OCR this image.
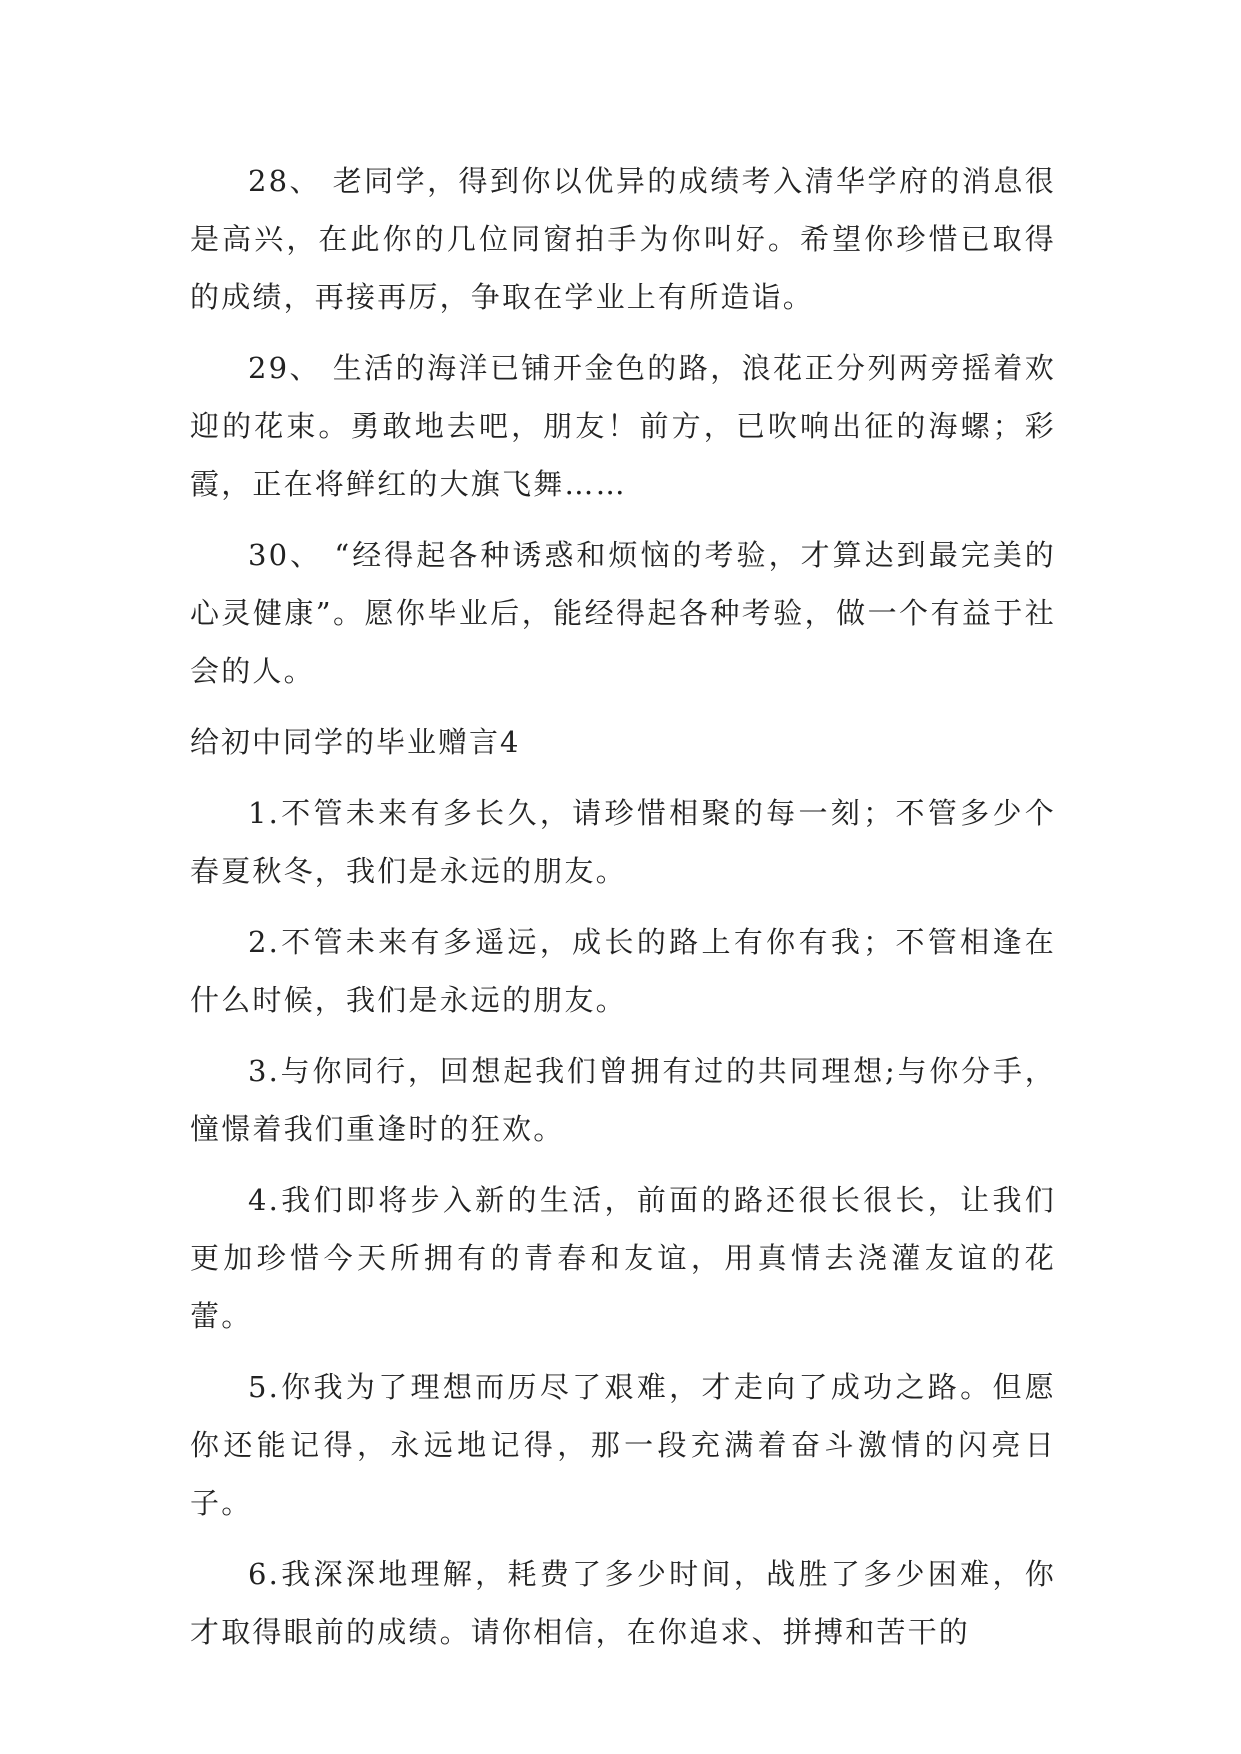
28、 老同学，得到你以优异的成绩考入清华学府的消息很是高兴，在此你的几位同窗拍手为你叫好。希望你珍惜已取得的成绩，再接再厉，争取在学业上有所造诣。

29、 生活的海洋已铺开金色的路，浪花正分列两旁摇着欢迎的花束。勇敢地去吧，朋友！前方，已吹响出征的海螺；彩霞，正在将鲜红的大旗飞舞……

30、 “经得起各种诱惑和烦恼的考验，才算达到最完美的心灵健康”。愿你毕业后，能经得起各种考验，做一个有益于社会的人。

给初中同学的毕业赠言4

1.不管未来有多长久，请珍惜相聚的每一刻；不管多少个春夏秋冬，我们是永远的朋友。

2.不管未来有多遥远，成长的路上有你有我；不管相逢在什么时候，我们是永远的朋友。

3.与你同行，回想起我们曾拥有过的共同理想;与你分手，憧憬着我们重逢时的狂欢。

4.我们即将步入新的生活，前面的路还很长很长，让我们更加珍惜今天所拥有的青春和友谊，用真情去浇灌友谊的花蕾。

5.你我为了理想而历尽了艰难，才走向了成功之路。但愿你还能记得，永远地记得，那一段充满着奋斗激情的闪亮日子。

6.我深深地理解，耗费了多少时间，战胜了多少困难，你才取得眼前的成绩。请你相信，在你追求、拼搏和苦干的
